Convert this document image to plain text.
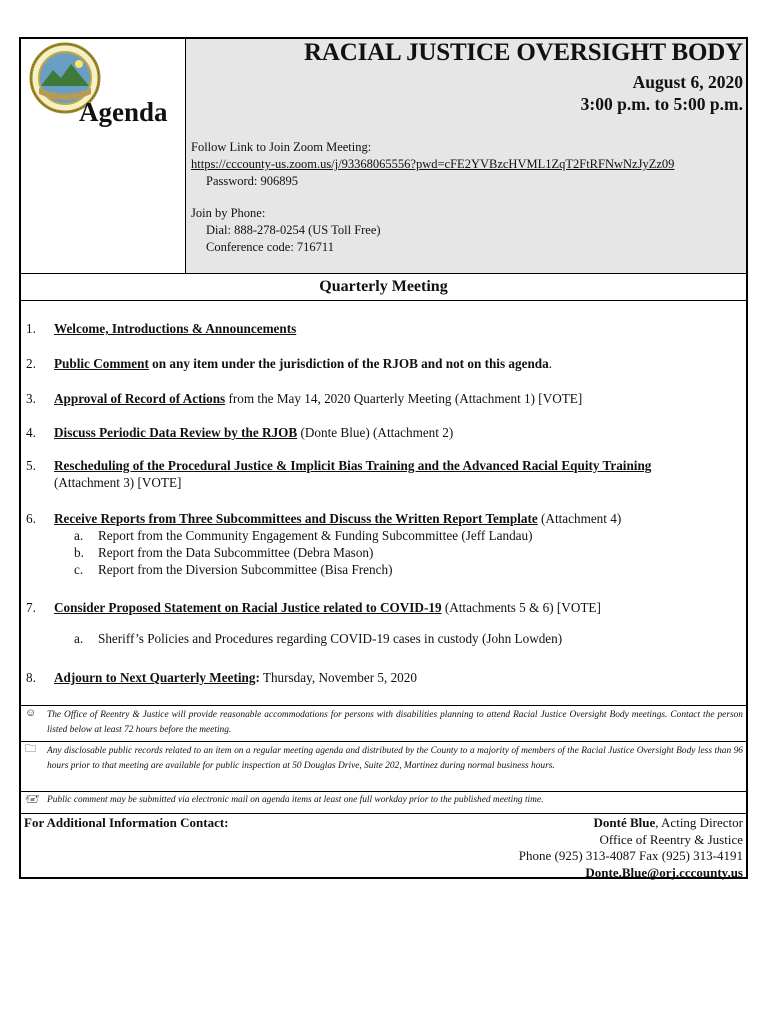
Agenda
RACIAL JUSTICE OVERSIGHT BODY
August 6, 2020
3:00 p.m. to 5:00 p.m.
Follow Link to Join Zoom Meeting:
https://cccounty-us.zoom.us/j/93368065556?pwd=cFE2YVBzcHVML1ZqT2FtRFNwNzJyZz09
Password: 906895
Join by Phone:
Dial: 888-278-0254 (US Toll Free)
Conference code: 716711
Quarterly Meeting
1. Welcome, Introductions & Announcements
2. Public Comment on any item under the jurisdiction of the RJOB and not on this agenda.
3. Approval of Record of Actions from the May 14, 2020 Quarterly Meeting (Attachment 1) [VOTE]
4. Discuss Periodic Data Review by the RJOB (Donte Blue) (Attachment 2)
5. Rescheduling of the Procedural Justice & Implicit Bias Training and the Advanced Racial Equity Training
(Attachment 3) [VOTE]
6. Receive Reports from Three Subcommittees and Discuss the Written Report Template (Attachment 4)
a. Report from the Community Engagement & Funding Subcommittee (Jeff Landau)
b. Report from the Data Subcommittee (Debra Mason)
c. Report from the Diversion Subcommittee (Bisa French)
7. Consider Proposed Statement on Racial Justice related to COVID-19 (Attachments 5 & 6) [VOTE]
a. Sheriff’s Policies and Procedures regarding COVID-19 cases in custody (John Lowden)
8. Adjourn to Next Quarterly Meeting: Thursday, November 5, 2020
☺ The Office of Reentry & Justice will provide reasonable accommodations for persons with disabilities planning to attend Racial Justice Oversight Body meetings. Contact the person listed below at least 72 hours before the meeting.
🗀 Any disclosable public records related to an item on a regular meeting agenda and distributed by the County to a majority of members of the Racial Justice Oversight Body less than 96 hours prior to that meeting are available for public inspection at 50 Douglas Drive, Suite 202, Martinez during normal business hours.
🖅 Public comment may be submitted via electronic mail on agenda items at least one full workday prior to the published meeting time.
For Additional Information Contact:	Donté Blue, Acting Director
Office of Reentry & Justice
Phone (925) 313-4087 Fax (925) 313-4191
Donte.Blue@orj.cccounty.us
